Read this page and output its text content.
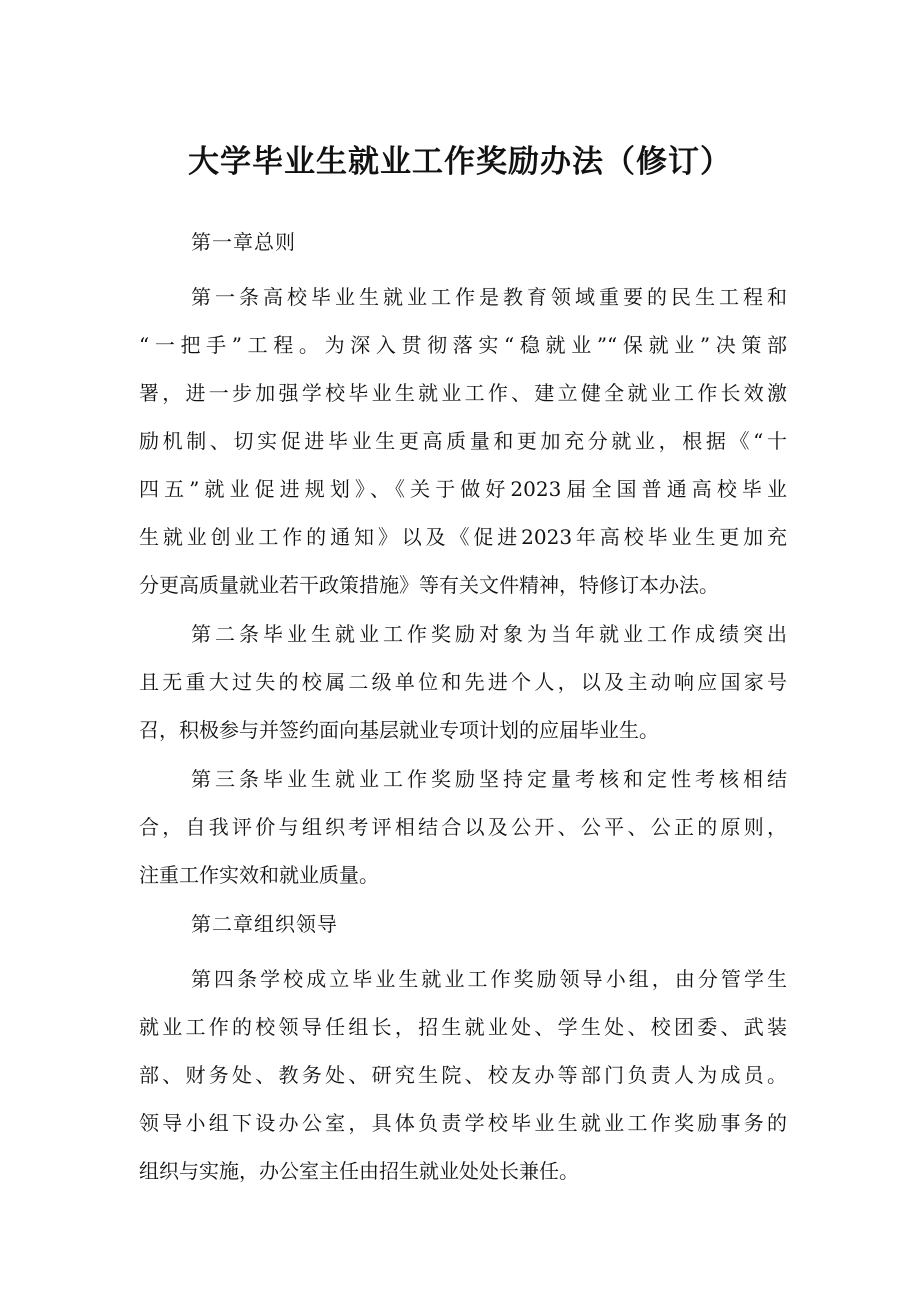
大学毕业生就业工作奖励办法（修订）
第一章总则
第一条高校毕业生就业工作是教育领域重要的民生工程和
“一把手”工程。为深入贯彻落实“稳就业”“保就业”决策部
署，进一步加强学校毕业生就业工作、建立健全就业工作长效激
励机制、切实促进毕业生更高质量和更加充分就业，根据《“十
四五”就业促进规划》、《关于做好2023届全国普通高校毕业
生就业创业工作的通知》以及《促进2023年高校毕业生更加充
分更高质量就业若干政策措施》等有关文件精神，特修订本办法。
第二条毕业生就业工作奖励对象为当年就业工作成绩突出
且无重大过失的校属二级单位和先进个人，以及主动响应国家号
召，积极参与并签约面向基层就业专项计划的应届毕业生。
第三条毕业生就业工作奖励坚持定量考核和定性考核相结
合，自我评价与组织考评相结合以及公开、公平、公正的原则，
注重工作实效和就业质量。
第二章组织领导
第四条学校成立毕业生就业工作奖励领导小组，由分管学生
就业工作的校领导任组长，招生就业处、学生处、校团委、武装
部、财务处、教务处、研究生院、校友办等部门负责人为成员。
领导小组下设办公室，具体负责学校毕业生就业工作奖励事务的
组织与实施，办公室主任由招生就业处处长兼任。
